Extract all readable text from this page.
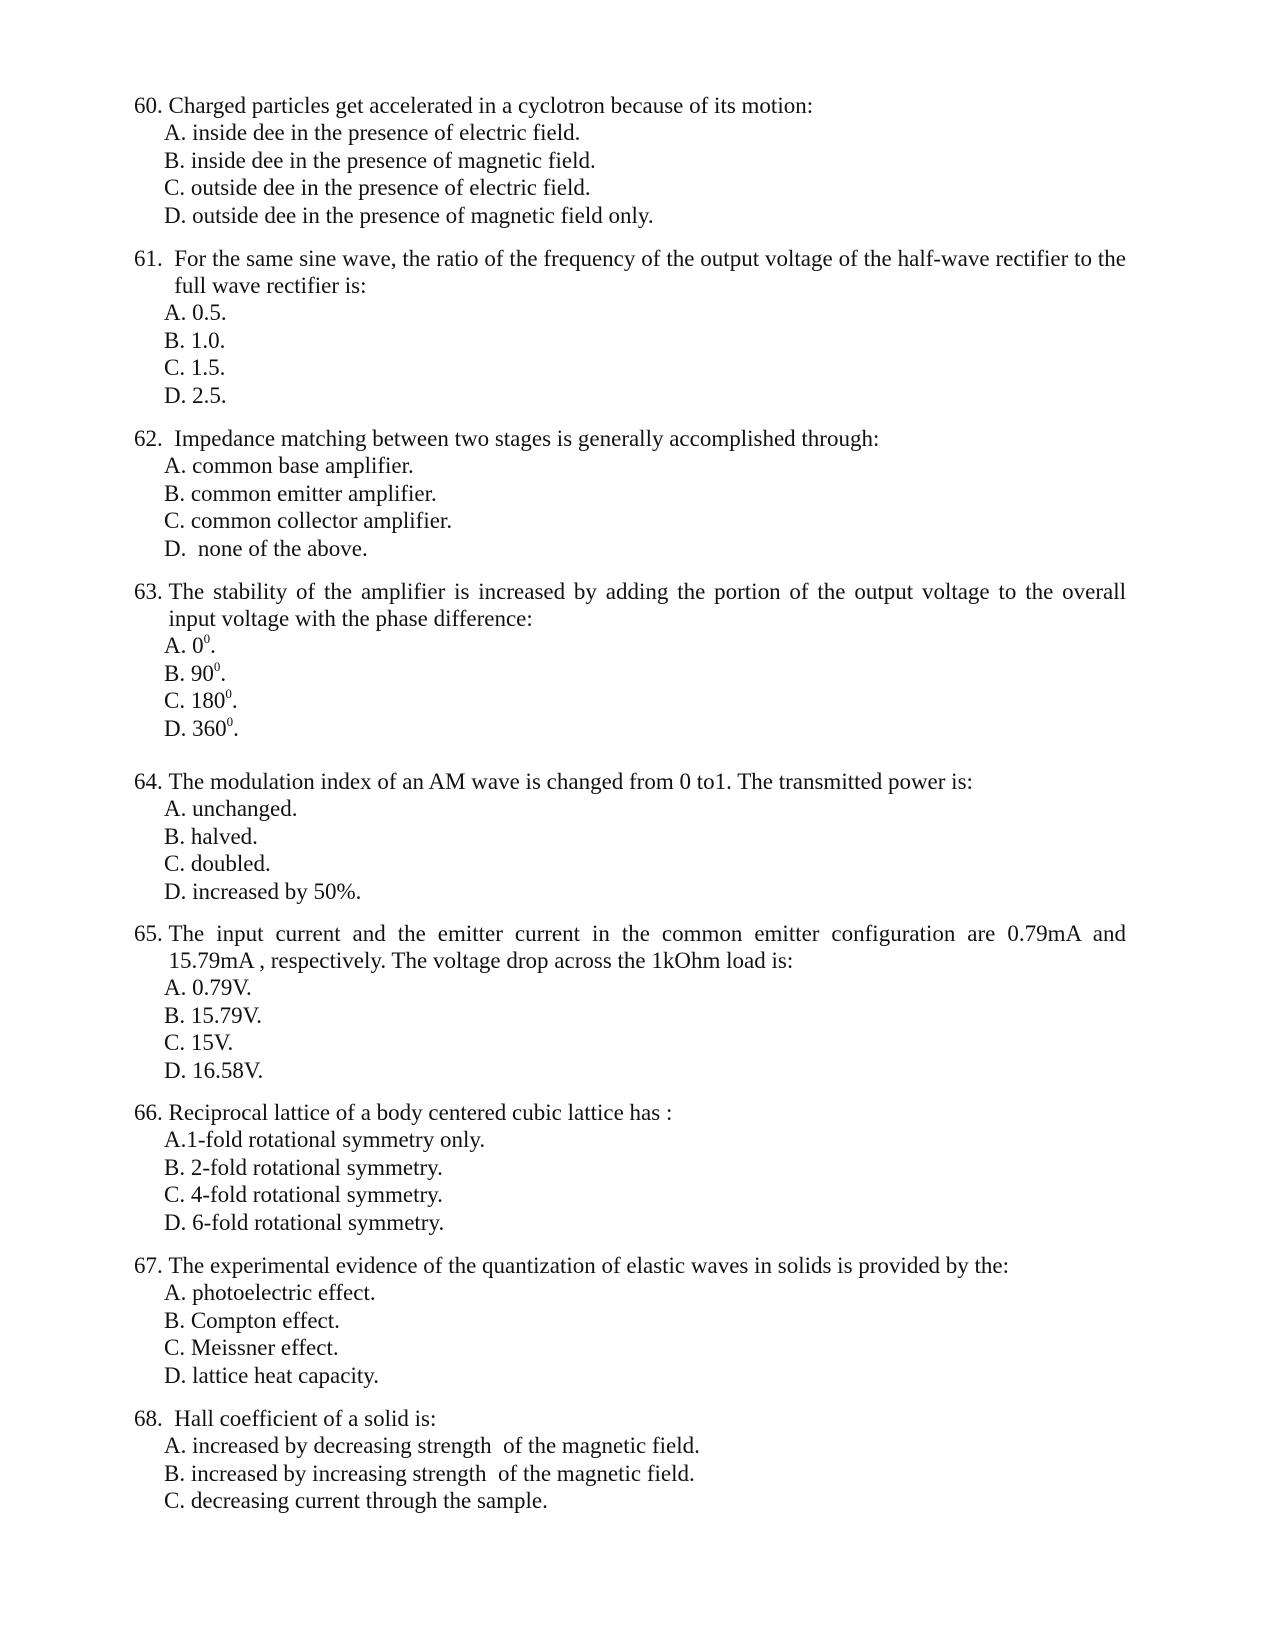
60. Charged particles get accelerated in a cyclotron because of its motion:
A. inside dee in the presence of electric field.
B. inside dee in the presence of magnetic field.
C. outside dee in the presence of electric field.
D. outside dee in the presence of magnetic field only.
61. For the same sine wave, the ratio of the frequency of the output voltage of the half-wave rectifier to the full wave rectifier is:
A. 0.5.
B. 1.0.
C. 1.5.
D. 2.5.
62. Impedance matching between two stages is generally accomplished through:
A. common base amplifier.
B. common emitter amplifier.
C. common collector amplifier.
D.  none of the above.
63. The stability of the amplifier is increased by adding the portion of the output voltage to the overall input voltage with the phase difference:
A. $0^0$.
B. $90^0$.
C. $180^0$.
D. $360^0$.
64. The modulation index of an AM wave is changed from 0 to1. The transmitted power is:
A. unchanged.
B. halved.
C. doubled.
D. increased by 50%.
65. The input current and the emitter current in the common emitter configuration are 0.79mA and 15.79mA , respectively. The voltage drop across the 1kOhm load is:
A. 0.79V.
B. 15.79V.
C. 15V.
D. 16.58V.
66. Reciprocal lattice of a body centered cubic lattice has :
A.1-fold rotational symmetry only.
B. 2-fold rotational symmetry.
C. 4-fold rotational symmetry.
D. 6-fold rotational symmetry.
67. The experimental evidence of the quantization of elastic waves in solids is provided by the:
A. photoelectric effect.
B. Compton effect.
C. Meissner effect.
D. lattice heat capacity.
68. Hall coefficient of a solid is:
A. increased by decreasing strength  of the magnetic field.
B. increased by increasing strength  of the magnetic field.
C. decreasing current through the sample.
